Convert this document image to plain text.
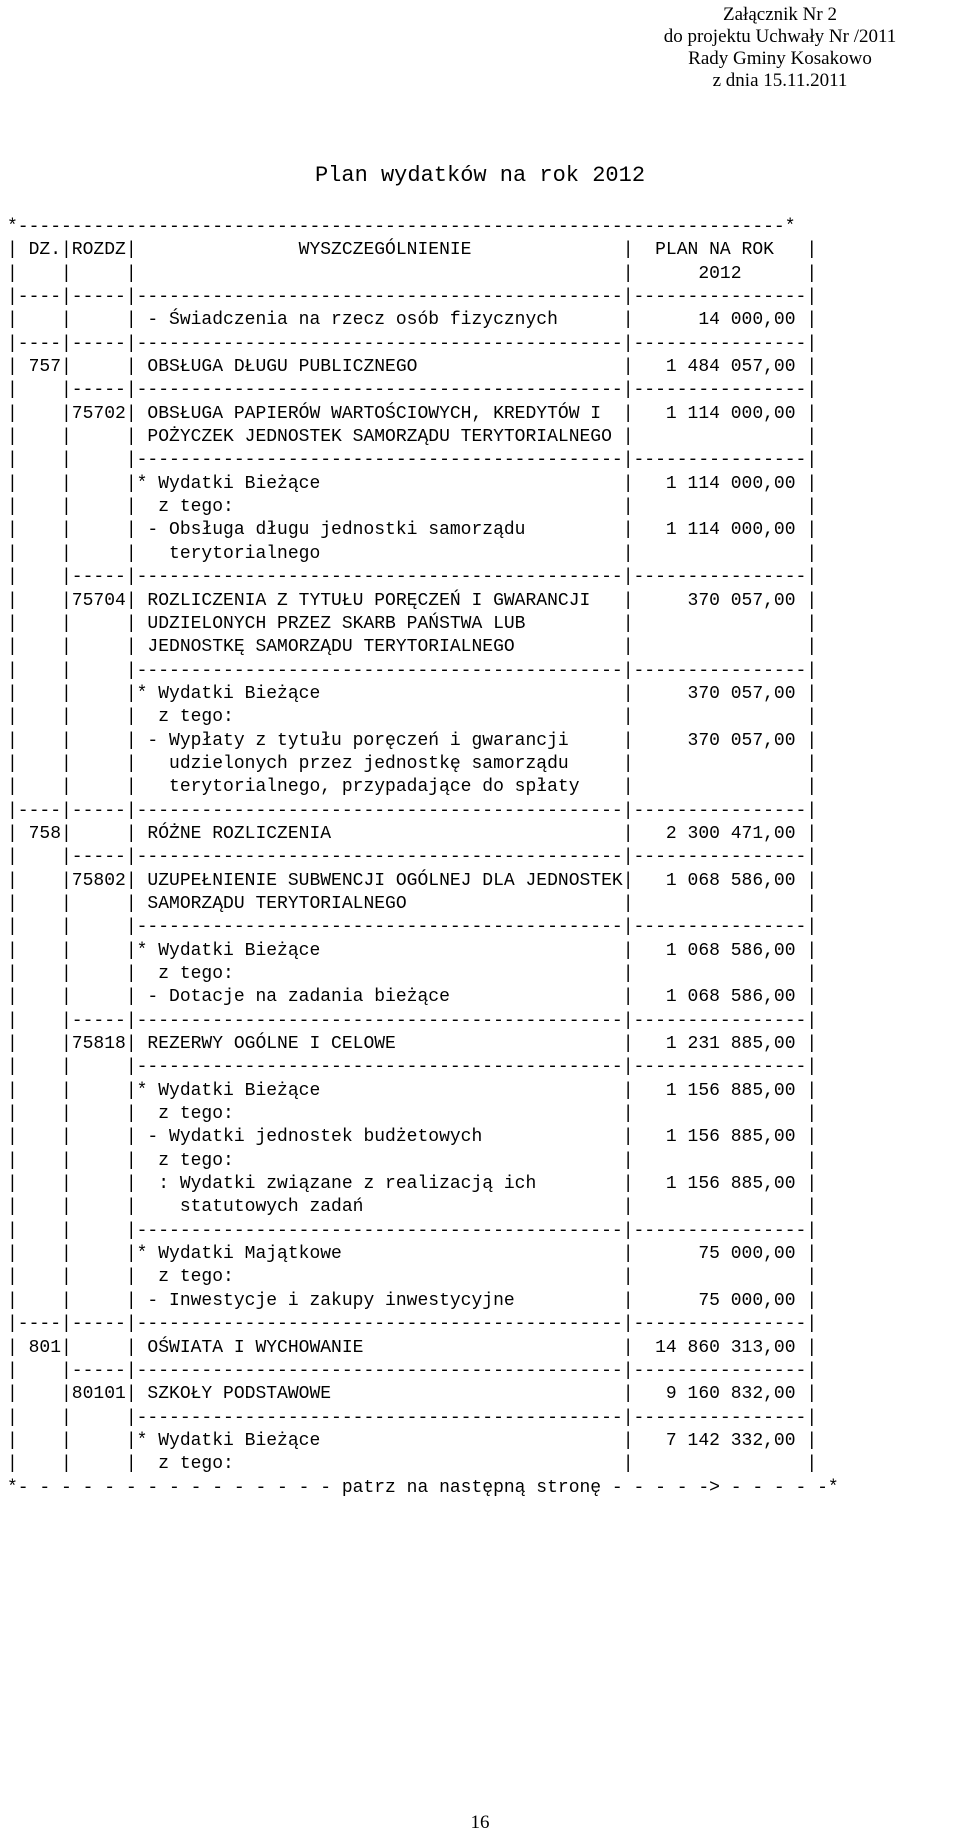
Załącznik Nr 2
do projektu Uchwały Nr /2011
Rady Gminy Kosakowo
z dnia 15.11.2011
Plan wydatków na rok 2012
*-----------------------------------------------------------------------*
| DZ.|ROZDZ|               WYSZCZEGÓLNIENIE              |  PLAN NA ROK   |
|    |     |                                             |      2012      |
|----|-----|---------------------------------------------|----------------|
|    |     | - Świadczenia na rzecz osób fizycznych      |      14 000,00 |
|----|-----|---------------------------------------------|----------------|
| 757|     | OBSŁUGA DŁUGU PUBLICZNEGO                   |   1 484 057,00 |
|    |-----|---------------------------------------------|----------------|
|    |75702| OBSŁUGA PAPIERÓW WARTOŚCIOWYCH, KREDYTÓW I  |   1 114 000,00 |
|    |     | POŻYCZEK JEDNOSTEK SAMORZĄDU TERYTORIALNEGO |                |
|    |     |---------------------------------------------|----------------|
|    |     |* Wydatki Bieżące                            |   1 114 000,00 |
|    |     |  z tego:                                    |                |
|    |     | - Obsługa długu jednostki samorządu         |   1 114 000,00 |
|    |     |   terytorialnego                            |                |
|    |-----|---------------------------------------------|----------------|
|    |75704| ROZLICZENIA Z TYTUŁU PORĘCZEŃ I GWARANCJI   |     370 057,00 |
|    |     | UDZIELONYCH PRZEZ SKARB PAŃSTWA LUB         |                |
|    |     | JEDNOSTKĘ SAMORZĄDU TERYTORIALNEGO          |                |
|    |     |---------------------------------------------|----------------|
|    |     |* Wydatki Bieżące                            |     370 057,00 |
|    |     |  z tego:                                    |                |
|    |     | - Wypłaty z tytułu poręczeń i gwarancji     |     370 057,00 |
|    |     |   udzielonych przez jednostkę samorządu     |                |
|    |     |   terytorialnego, przypadające do spłaty    |                |
|----|-----|---------------------------------------------|----------------|
| 758|     | RÓŻNE ROZLICZENIA                           |   2 300 471,00 |
|    |-----|---------------------------------------------|----------------|
|    |75802| UZUPEŁNIENIE SUBWENCJI OGÓLNEJ DLA JEDNOSTEK|   1 068 586,00 |
|    |     | SAMORZĄDU TERYTORIALNEGO                    |                |
|    |     |---------------------------------------------|----------------|
|    |     |* Wydatki Bieżące                            |   1 068 586,00 |
|    |     |  z tego:                                    |                |
|    |     | - Dotacje na zadania bieżące                |   1 068 586,00 |
|    |-----|---------------------------------------------|----------------|
|    |75818| REZERWY OGÓLNE I CELOWE                     |   1 231 885,00 |
|    |     |---------------------------------------------|----------------|
|    |     |* Wydatki Bieżące                            |   1 156 885,00 |
|    |     |  z tego:                                    |                |
|    |     | - Wydatki jednostek budżetowych             |   1 156 885,00 |
|    |     |  z tego:                                    |                |
|    |     |  : Wydatki związane z realizacją ich        |   1 156 885,00 |
|    |     |    statutowych zadań                        |                |
|    |     |---------------------------------------------|----------------|
|    |     |* Wydatki Majątkowe                          |      75 000,00 |
|    |     |  z tego:                                    |                |
|    |     | - Inwestycje i zakupy inwestycyjne          |      75 000,00 |
|----|-----|---------------------------------------------|----------------|
| 801|     | OŚWIATA I WYCHOWANIE                        |  14 860 313,00 |
|    |-----|---------------------------------------------|----------------|
|    |80101| SZKOŁY PODSTAWOWE                           |   9 160 832,00 |
|    |     |---------------------------------------------|----------------|
|    |     |* Wydatki Bieżące                            |   7 142 332,00 |
|    |     |  z tego:                                    |                |
*- - - - - - - - - - - - - - - patrz na następną stronę - - - - -> - - - - -*
16
